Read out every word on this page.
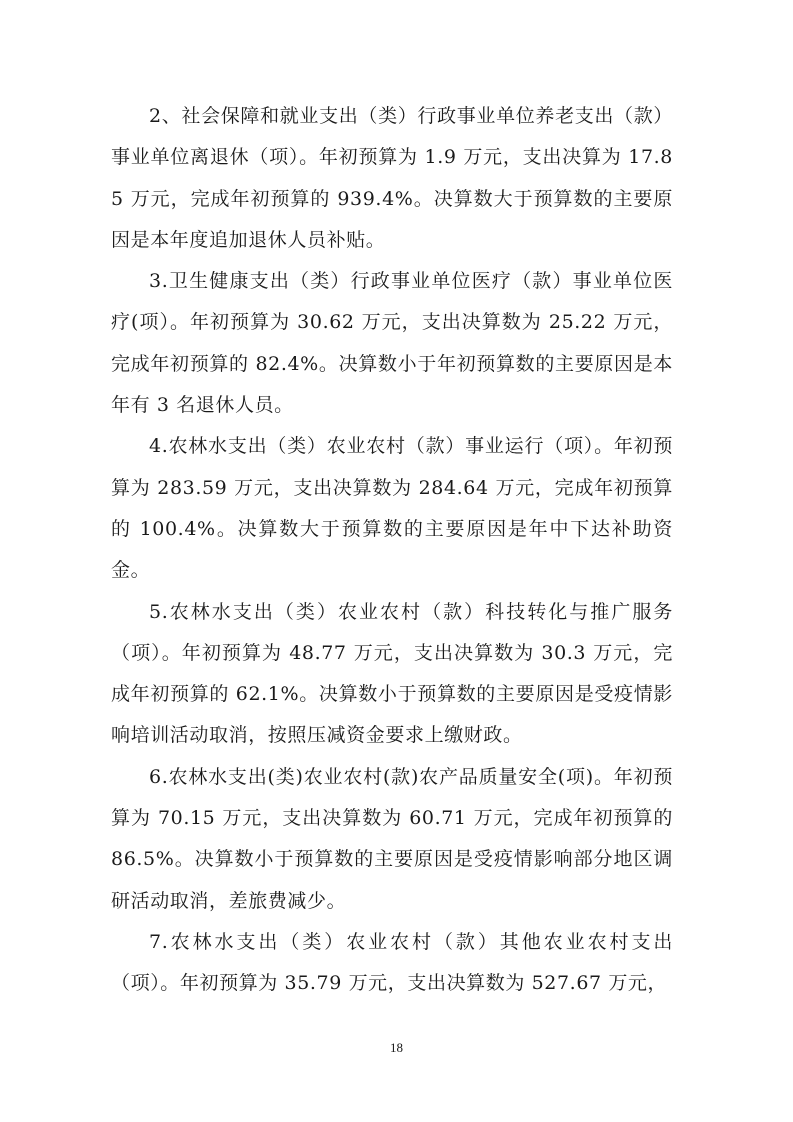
2、社会保障和就业支出（类）行政事业单位养老支出（款）事业单位离退休（项）。年初预算为 1.9 万元，支出决算为 17.85 万元，完成年初预算的 939.4%。决算数大于预算数的主要原因是本年度追加退休人员补贴。

3.卫生健康支出（类）行政事业单位医疗（款）事业单位医疗(项）。年初预算为 30.62 万元，支出决算数为 25.22 万元，完成年初预算的 82.4%。决算数小于年初预算数的主要原因是本年有 3 名退休人员。

4.农林水支出（类）农业农村（款）事业运行（项）。年初预算为 283.59 万元，支出决算数为 284.64 万元，完成年初预算的 100.4%。决算数大于预算数的主要原因是年中下达补助资金。

5.农林水支出（类）农业农村（款）科技转化与推广服务（项）。年初预算为 48.77 万元，支出决算数为 30.3 万元，完成年初预算的 62.1%。决算数小于预算数的主要原因是受疫情影响培训活动取消，按照压减资金要求上缴财政。

6.农林水支出(类)农业农村(款)农产品质量安全(项)。年初预算为 70.15 万元，支出决算数为 60.71 万元，完成年初预算的 86.5%。决算数小于预算数的主要原因是受疫情影响部分地区调研活动取消，差旅费减少。

7.农林水支出（类）农业农村（款）其他农业农村支出（项）。年初预算为 35.79 万元，支出决算数为 527.67 万元，

18
